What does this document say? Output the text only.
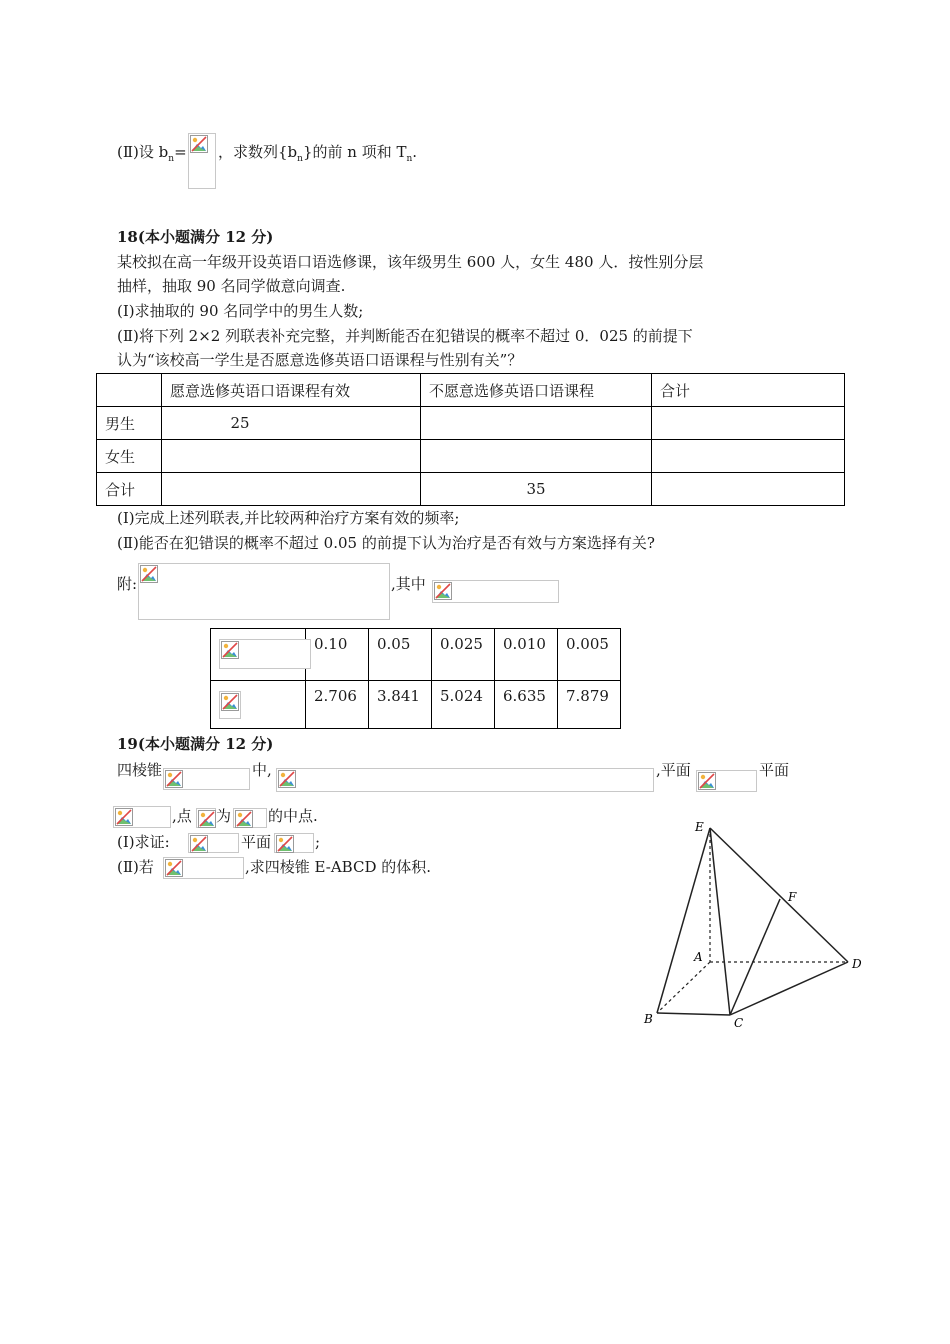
(Ⅱ)设 $b_n=$ ，求数列$\{b_n\}$的前 n 项和 $T_n$.
18(本小题满分 12 分)
某校拟在高一年级开设英语口语选修课，该年级男生 600 人，女生 480 人．按性别分层
抽样，抽取 90 名同学做意向调查.
(I)求抽取的 90 名同学中的男生人数;
(Ⅱ)将下列 2×2 列联表补充完整，并判断能否在犯错误的概率不超过 0．025 的前提下
认为“该校高一学生是否愿意选修英语口语课程与性别有关”？
	愿意选修英语口语课程有效	不愿意选修英语口语课程	合计
男生	25		
女生			
合计		35	
(Ⅰ)完成上述列联表,并比较两种治疗方案有效的频率;
(Ⅱ)能否在犯错误的概率不超过 0.05 的前提下认为治疗是否有效与方案选择有关?
附:	,其中
	0.10	0.05	0.025	0.010	0.005

	2.706	3.841	5.024	6.635	7.879
19(本小题满分 12 分)
四棱锥	中,	,平面	平面
,点 为 的中点.
(Ⅰ)求证:	平面	;
(Ⅱ)若	,求四棱锥 E-ABCD 的体积.
E
F
A
B	C
D
